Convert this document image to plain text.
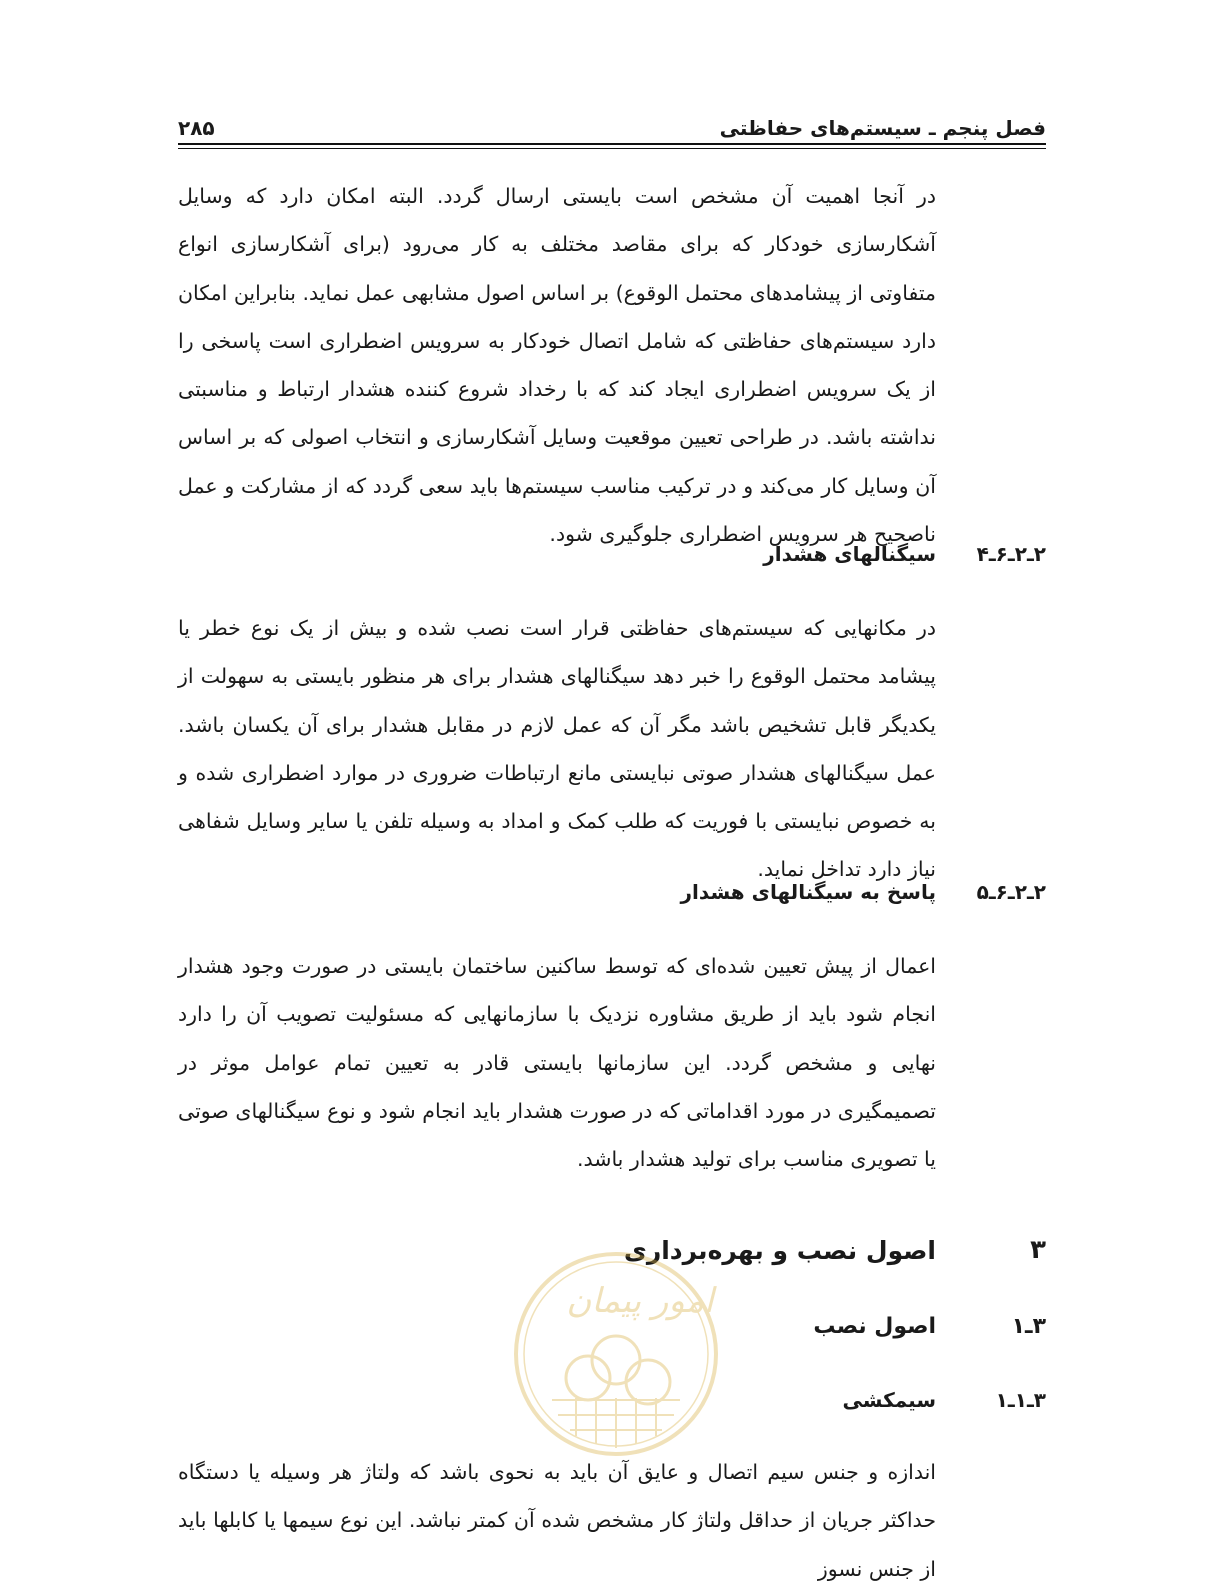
فصل پنجم ـ سیستم‌های حفاظتی
۲۸۵

در آنجا اهمیت آن مشخص است بایستی ارسال گردد. البته امکان دارد که وسایل آشکارسازی خودکار که برای مقاصد مختلف به کار می‌رود (برای آشکارسازی انواع متفاوتی از پیشامدهای محتمل الوقوع) بر اساس اصول مشابهی عمل نماید. بنابراین امکان دارد سیستم‌های حفاظتی که شامل اتصال خودکار به سرویس اضطراری است پاسخی را از یک سرویس اضطراری ایجاد کند که با رخداد شروع کننده هشدار ارتباط و مناسبتی نداشته باشد. در طراحی تعیین موقعیت وسایل آشکارسازی و انتخاب اصولی که بر اساس آن وسایل کار می‌کند و در ترکیب مناسب سیستم‌ها باید سعی گردد که از مشارکت و عمل ناصحیح هر سرویس اضطراری جلوگیری شود.

۲ـ۲ـ۶ـ۴
سیگنالهای هشدار

در مکانهایی که سیستم‌های حفاظتی قرار است نصب شده و بیش از یک نوع خطر یا پیشامد محتمل الوقوع را خبر دهد سیگنالهای هشدار برای هر منظور بایستی به سهولت از یکدیگر قابل تشخیص باشد مگر آن که عمل لازم در مقابل هشدار برای آن یکسان باشد. عمل سیگنالهای هشدار صوتی نبایستی مانع ارتباطات ضروری در موارد اضطراری شده و به خصوص نبایستی با فوریت که طلب کمک و امداد به وسیله تلفن یا سایر وسایل شفاهی نیاز دارد تداخل نماید.

۲ـ۲ـ۶ـ۵
پاسخ به سیگنالهای هشدار

اعمال از پیش تعیین شده‌ای که توسط ساکنین ساختمان بایستی در صورت وجود هشدار انجام شود باید از طریق مشاوره نزدیک با سازمانهایی که مسئولیت تصویب آن را دارد نهایی و مشخص گردد. این سازمانها بایستی قادر به تعیین تمام عوامل موثر در تصمیمگیری در مورد اقداماتی که در صورت هشدار باید انجام شود و نوع سیگنالهای صوتی یا تصویری مناسب برای تولید هشدار باشد.

۳
اصول نصب و بهره‌برداری
۳ـ۱
اصول نصب
۳ـ۱ـ۱
سیمکشی

اندازه و جنس سیم اتصال و عایق آن باید به نحوی باشد که ولتاژ هر وسیله یا دستگاه حداکثر جریان از حداقل ولتاژ کار مشخص شده آن کمتر نباشد. این نوع سیمها یا کابلها باید از جنس نسوز

امور پیمان
